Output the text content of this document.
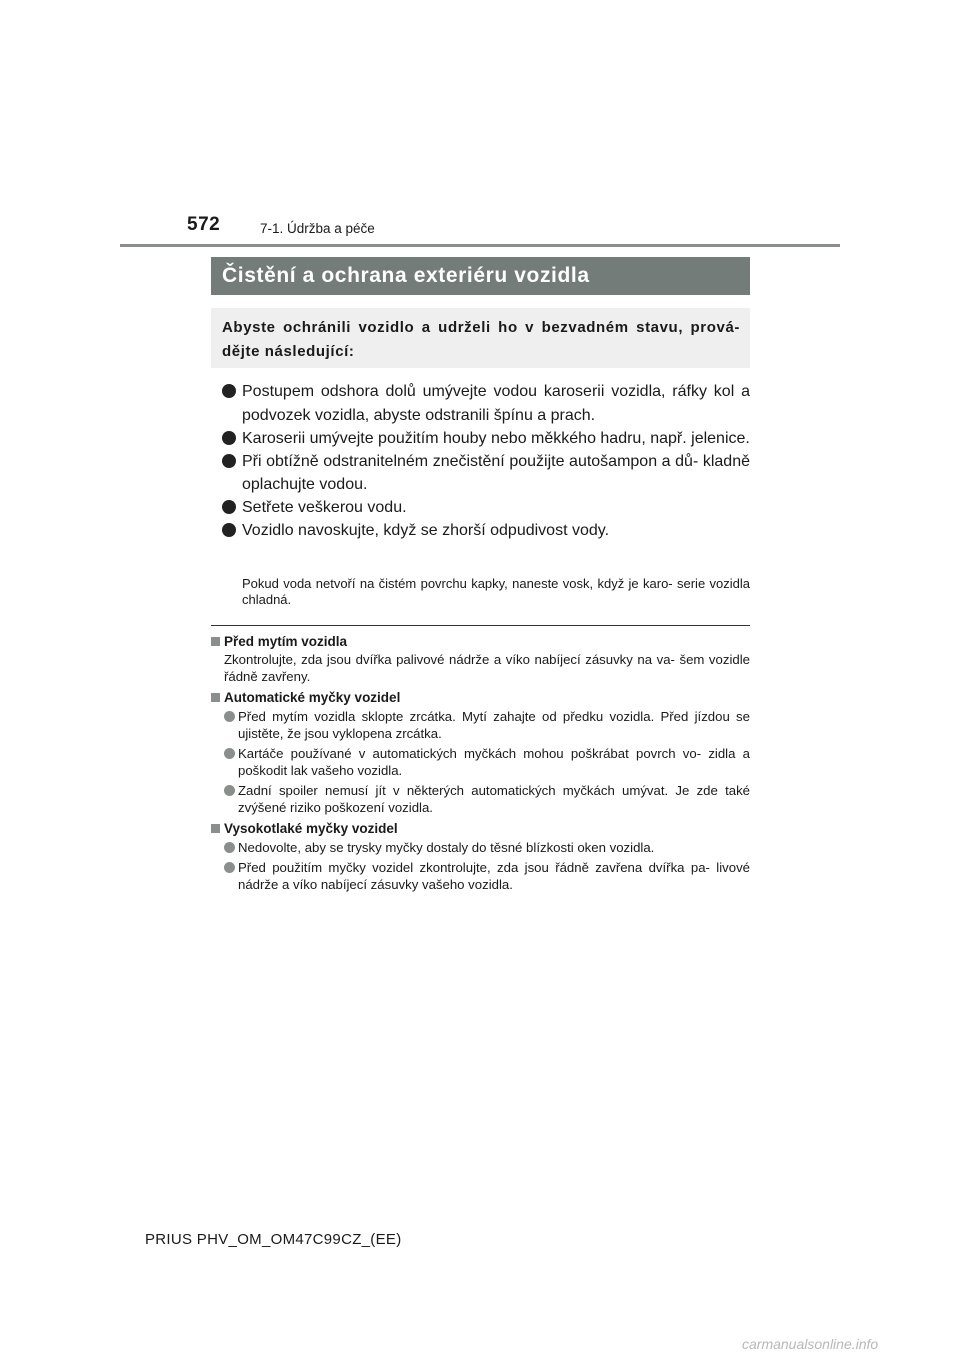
572	7-1. Údržba a péče
Čistění a ochrana exteriéru vozidla
Abyste ochránili vozidlo a udrželi ho v bezvadném stavu, prová- dějte následující:
Postupem odshora dolů umývejte vodou karoserii vozidla, ráfky kol a podvozek vozidla, abyste odstranili špínu a prach.
Karoserii umývejte použitím houby nebo měkkého hadru, např. jelenice.
Při obtížně odstranitelném znečistění použijte autošampon a dů- kladně oplachujte vodou.
Setřete veškerou vodu.
Vozidlo navoskujte, když se zhorší odpudivost vody.
Pokud voda netvoří na čistém povrchu kapky, naneste vosk, když je karo- serie vozidla chladná.

Před mytím vozidla

Zkontrolujte, zda jsou dvířka palivové nádrže a víko nabíjecí zásuvky na va- šem vozidle řádně zavřeny.

Automatické myčky vozidel

Před mytím vozidla sklopte zrcátka. Mytí zahajte od předku vozidla. Před jízdou se ujistěte, že jsou vyklopena zrcátka.
Kartáče používané v automatických myčkách mohou poškrábat povrch vo- zidla a poškodit lak vašeho vozidla.
Zadní spoiler nemusí jít v některých automatických myčkách umývat. Je zde také zvýšené riziko poškození vozidla.

Vysokotlaké myčky vozidel

Nedovolte, aby se trysky myčky dostaly do těsné blízkosti oken vozidla.
Před použitím myčky vozidel zkontrolujte, zda jsou řádně zavřena dvířka pa- livové nádrže a víko nabíjecí zásuvky vašeho vozidla.
PRIUS PHV_OM_OM47C99CZ_(EE)
carmanualsonline.info
